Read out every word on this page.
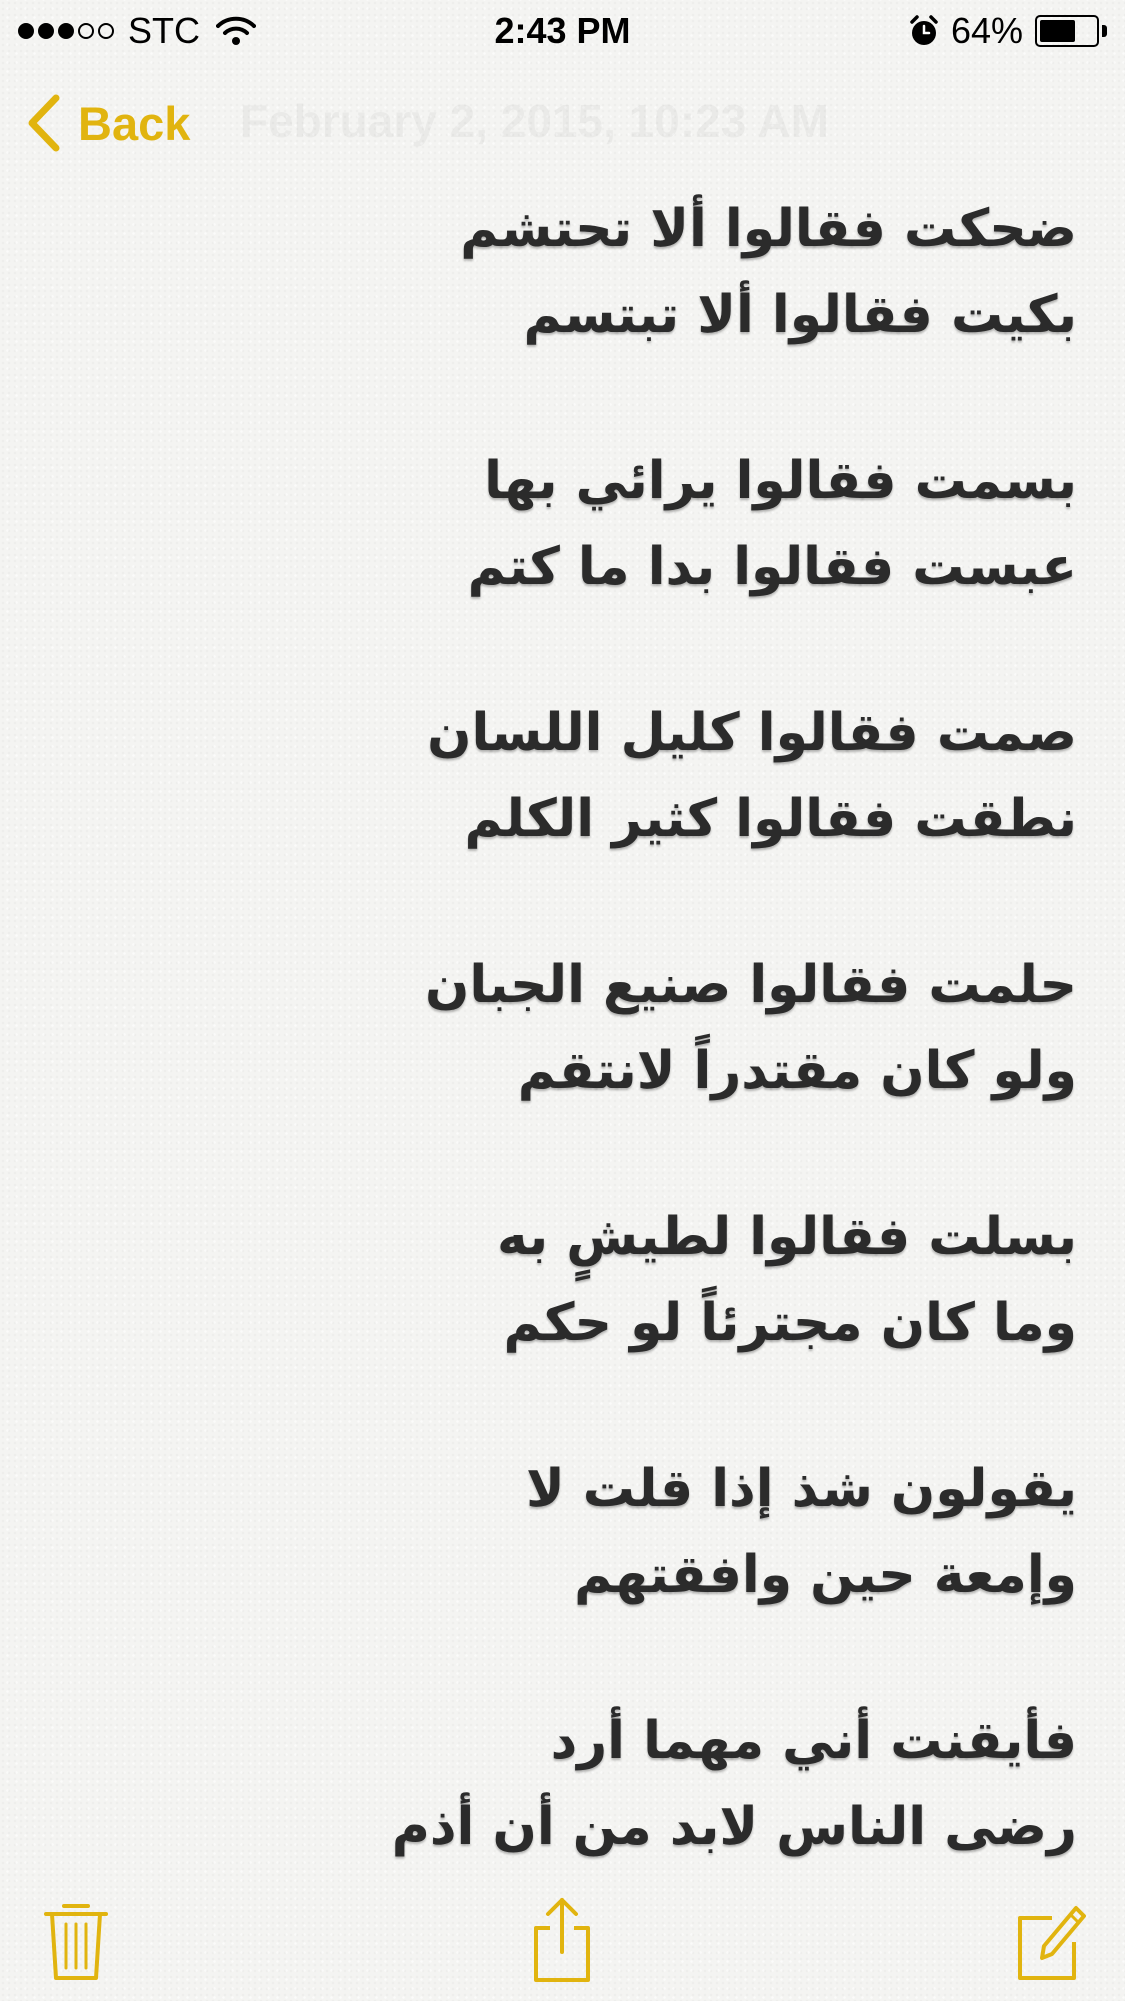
STC	2:43 PM	64%
Back
ضحكت فقالوا ألا تحتشم
بكيت فقالوا ألا تبتسم
بسمت فقالوا يرائي بها
عبست فقالوا بدا ما كتم
صمت فقالوا كليل اللسان
نطقت فقالوا كثير الكلم
حلمت فقالوا صنيع الجبان
ولو كان مقتدراً لانتقم
بسلت فقالوا لطيشٍ به
وما كان مجترئاً لو حكم
يقولون شذ إذا قلت لا
وإمعة حين وافقتهم
فأيقنت أني مهما أرد
رضى الناس لابد من أن أذم
